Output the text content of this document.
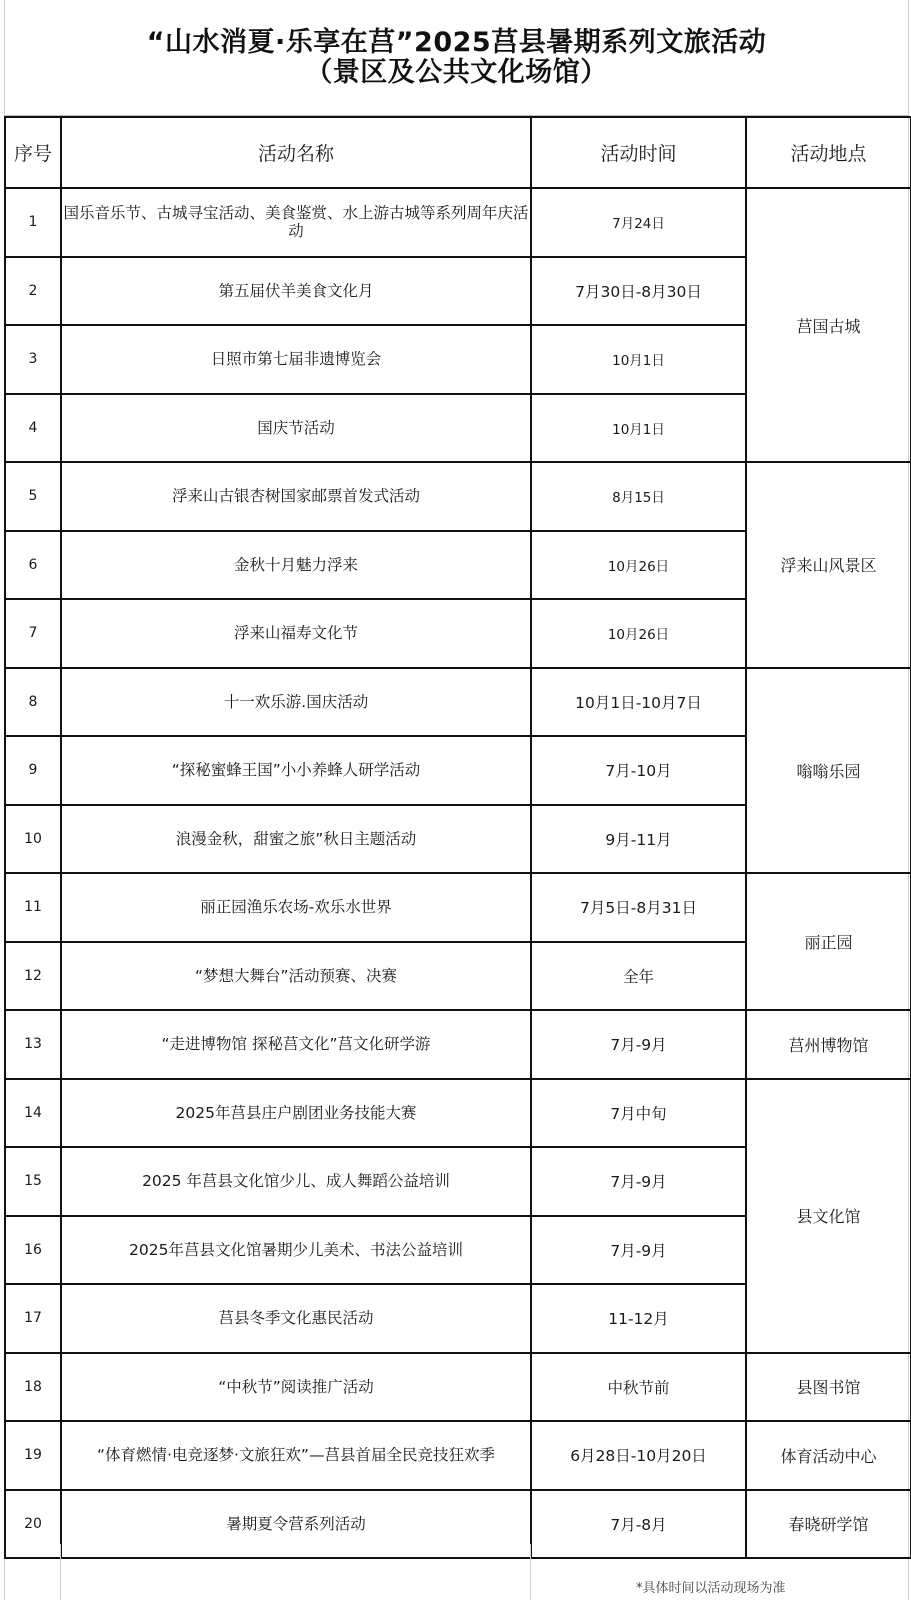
“山水消夏·乐享在莒”2025莒县暑期系列文旅活动
（景区及公共文化场馆）
序号	活动名称	活动时间	活动地点
1	国乐音乐节、古城寻宝活动、美食鉴赏、水上游古城等系列周年庆活动	7月24日	莒国古城
2	第五届伏羊美食文化月	7月30日-8月30日	
3	日照市第七届非遗博览会	10月1日	
4	国庆节活动	10月1日	
5	浮来山古银杏树国家邮票首发式活动	8月15日	浮来山风景区
6	金秋十月魅力浮来	10月26日	
7	浮来山福寿文化节	10月26日	
8	十一欢乐游.国庆活动	10月1日-10月7日	嗡嗡乐园
9	“探秘蜜蜂王国”小小养蜂人研学活动	7月-10月	
10	浪漫金秋，甜蜜之旅”秋日主题活动	9月-11月	
11	丽正园渔乐农场-欢乐水世界	7月5日-8月31日	丽正园
12	“梦想大舞台”活动预赛、决赛	全年	
13	“走进博物馆 探秘莒文化”莒文化研学游	7月-9月	莒州博物馆
14	2025年莒县庄户剧团业务技能大赛	7月中旬	县文化馆
15	2025 年莒县文化馆少儿、成人舞蹈公益培训	7月-9月	
16	2025年莒县文化馆暑期少儿美术、书法公益培训	7月-9月	
17	莒县冬季文化惠民活动	11-12月	
18	“中秋节”阅读推广活动	中秋节前	县图书馆
19	“体育燃情·电竞逐梦·文旅狂欢”—莒县首届全民竞技狂欢季	6月28日-10月20日	体育活动中心
20	暑期夏令营系列活动	7月-8月	春晓研学馆
*具体时间以活动现场为准
